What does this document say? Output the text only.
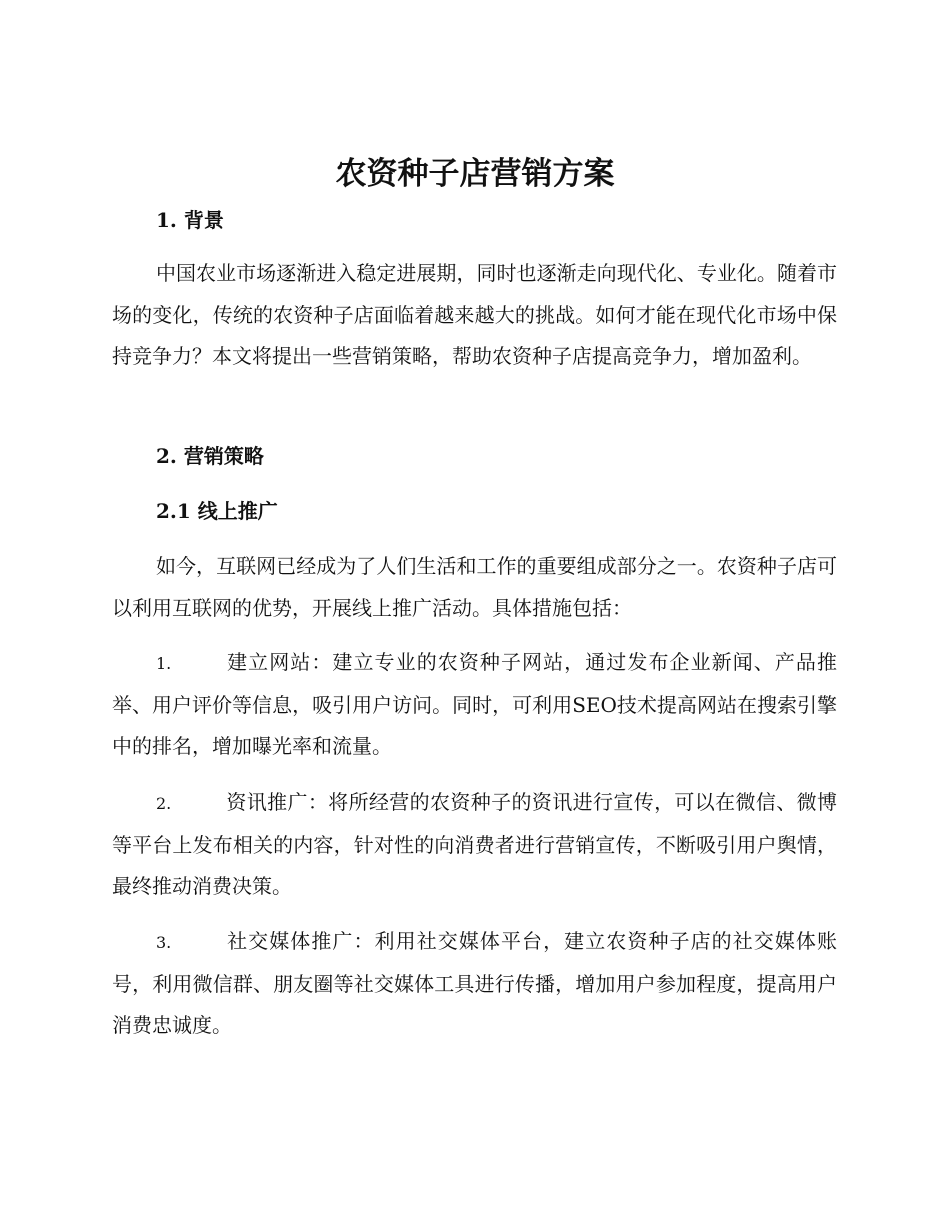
农资种子店营销方案
1. 背景

中国农业市场逐渐进入稳定进展期，同时也逐渐走向现代化、专业化。随着市场的变化，传统的农资种子店面临着越来越大的挑战。如何才能在现代化市场中保持竞争力？本文将提出一些营销策略，帮助农资种子店提高竞争力，增加盈利。

2. 营销策略
2.1 线上推广

如今，互联网已经成为了人们生活和工作的重要组成部分之一。农资种子店可以利用互联网的优势，开展线上推广活动。具体措施包括：

1.	建立网站：建立专业的农资种子网站，通过发布企业新闻、产品推举、用户评价等信息，吸引用户访问。同时，可利用SEO技术提高网站在搜索引擎中的排名，增加曝光率和流量。

2.	资讯推广：将所经营的农资种子的资讯进行宣传，可以在微信、微博等平台上发布相关的内容，针对性的向消费者进行营销宣传，不断吸引用户舆情，最终推动消费决策。

3.	社交媒体推广：利用社交媒体平台，建立农资种子店的社交媒体账号，利用微信群、朋友圈等社交媒体工具进行传播，增加用户参加程度，提高用户消费忠诚度。
